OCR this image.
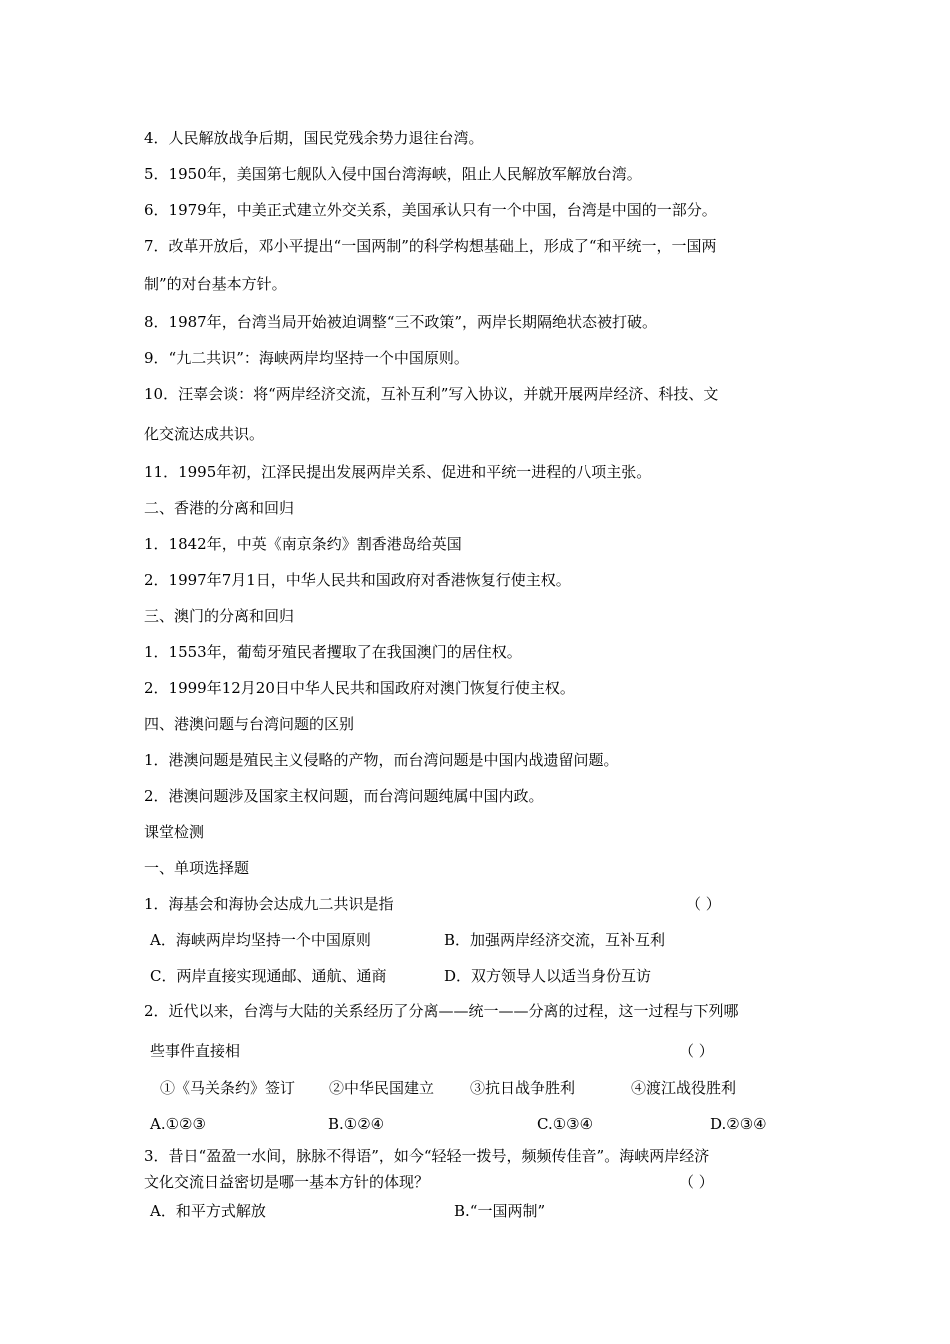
4．人民解放战争后期，国民党残余势力退往台湾。
5．1950年，美国第七舰队入侵中国台湾海峡，阻止人民解放军解放台湾。
6．1979年，中美正式建立外交关系，美国承认只有一个中国，台湾是中国的一部分。
7．改革开放后，邓小平提出“一国两制”的科学构想基础上，形成了“和平统一，一国两
制”的对台基本方针。
8．1987年，台湾当局开始被迫调整“三不政策”，两岸长期隔绝状态被打破。
9．“九二共识”：海峡两岸均坚持一个中国原则。
10．汪辜会谈：将“两岸经济交流，互补互利”写入协议，并就开展两岸经济、科技、文
化交流达成共识。
11．1995年初，江泽民提出发展两岸关系、促进和平统一进程的八项主张。
二、香港的分离和回归
1．1842年，中英《南京条约》割香港岛给英国
2．1997年7月1日，中华人民共和国政府对香港恢复行使主权。
三、澳门的分离和回归
1．1553年，葡萄牙殖民者攫取了在我国澳门的居住权。
2．1999年12月20日中华人民共和国政府对澳门恢复行使主权。
四、港澳问题与台湾问题的区别
1．港澳问题是殖民主义侵略的产物，而台湾问题是中国内战遗留问题。
2．港澳问题涉及国家主权问题，而台湾问题纯属中国内政。
课堂检测
一、单项选择题
1．海基会和海协会达成九二共识是指	（ ）
A．海峡两岸均坚持一个中国原则	B．加强两岸经济交流，互补互利
C．两岸直接实现通邮、通航、通商	D．双方领导人以适当身份互访
2．近代以来，台湾与大陆的关系经历了分离——统一——分离的过程，这一过程与下列哪
些事件直接相	（ ）
①《马关条约》签订 ②中华民国建立 ③抗日战争胜利	④渡江战役胜利
A.①②③	B.①②④	C.①③④	D.②③④
3．昔日“盈盈一水间，脉脉不得语”，如今“轻轻一拨号，频频传佳音”。海峡两岸经济
文化交流日益密切是哪一基本方针的体现？	（ ）
A．和平方式解放	B.“一国两制”
